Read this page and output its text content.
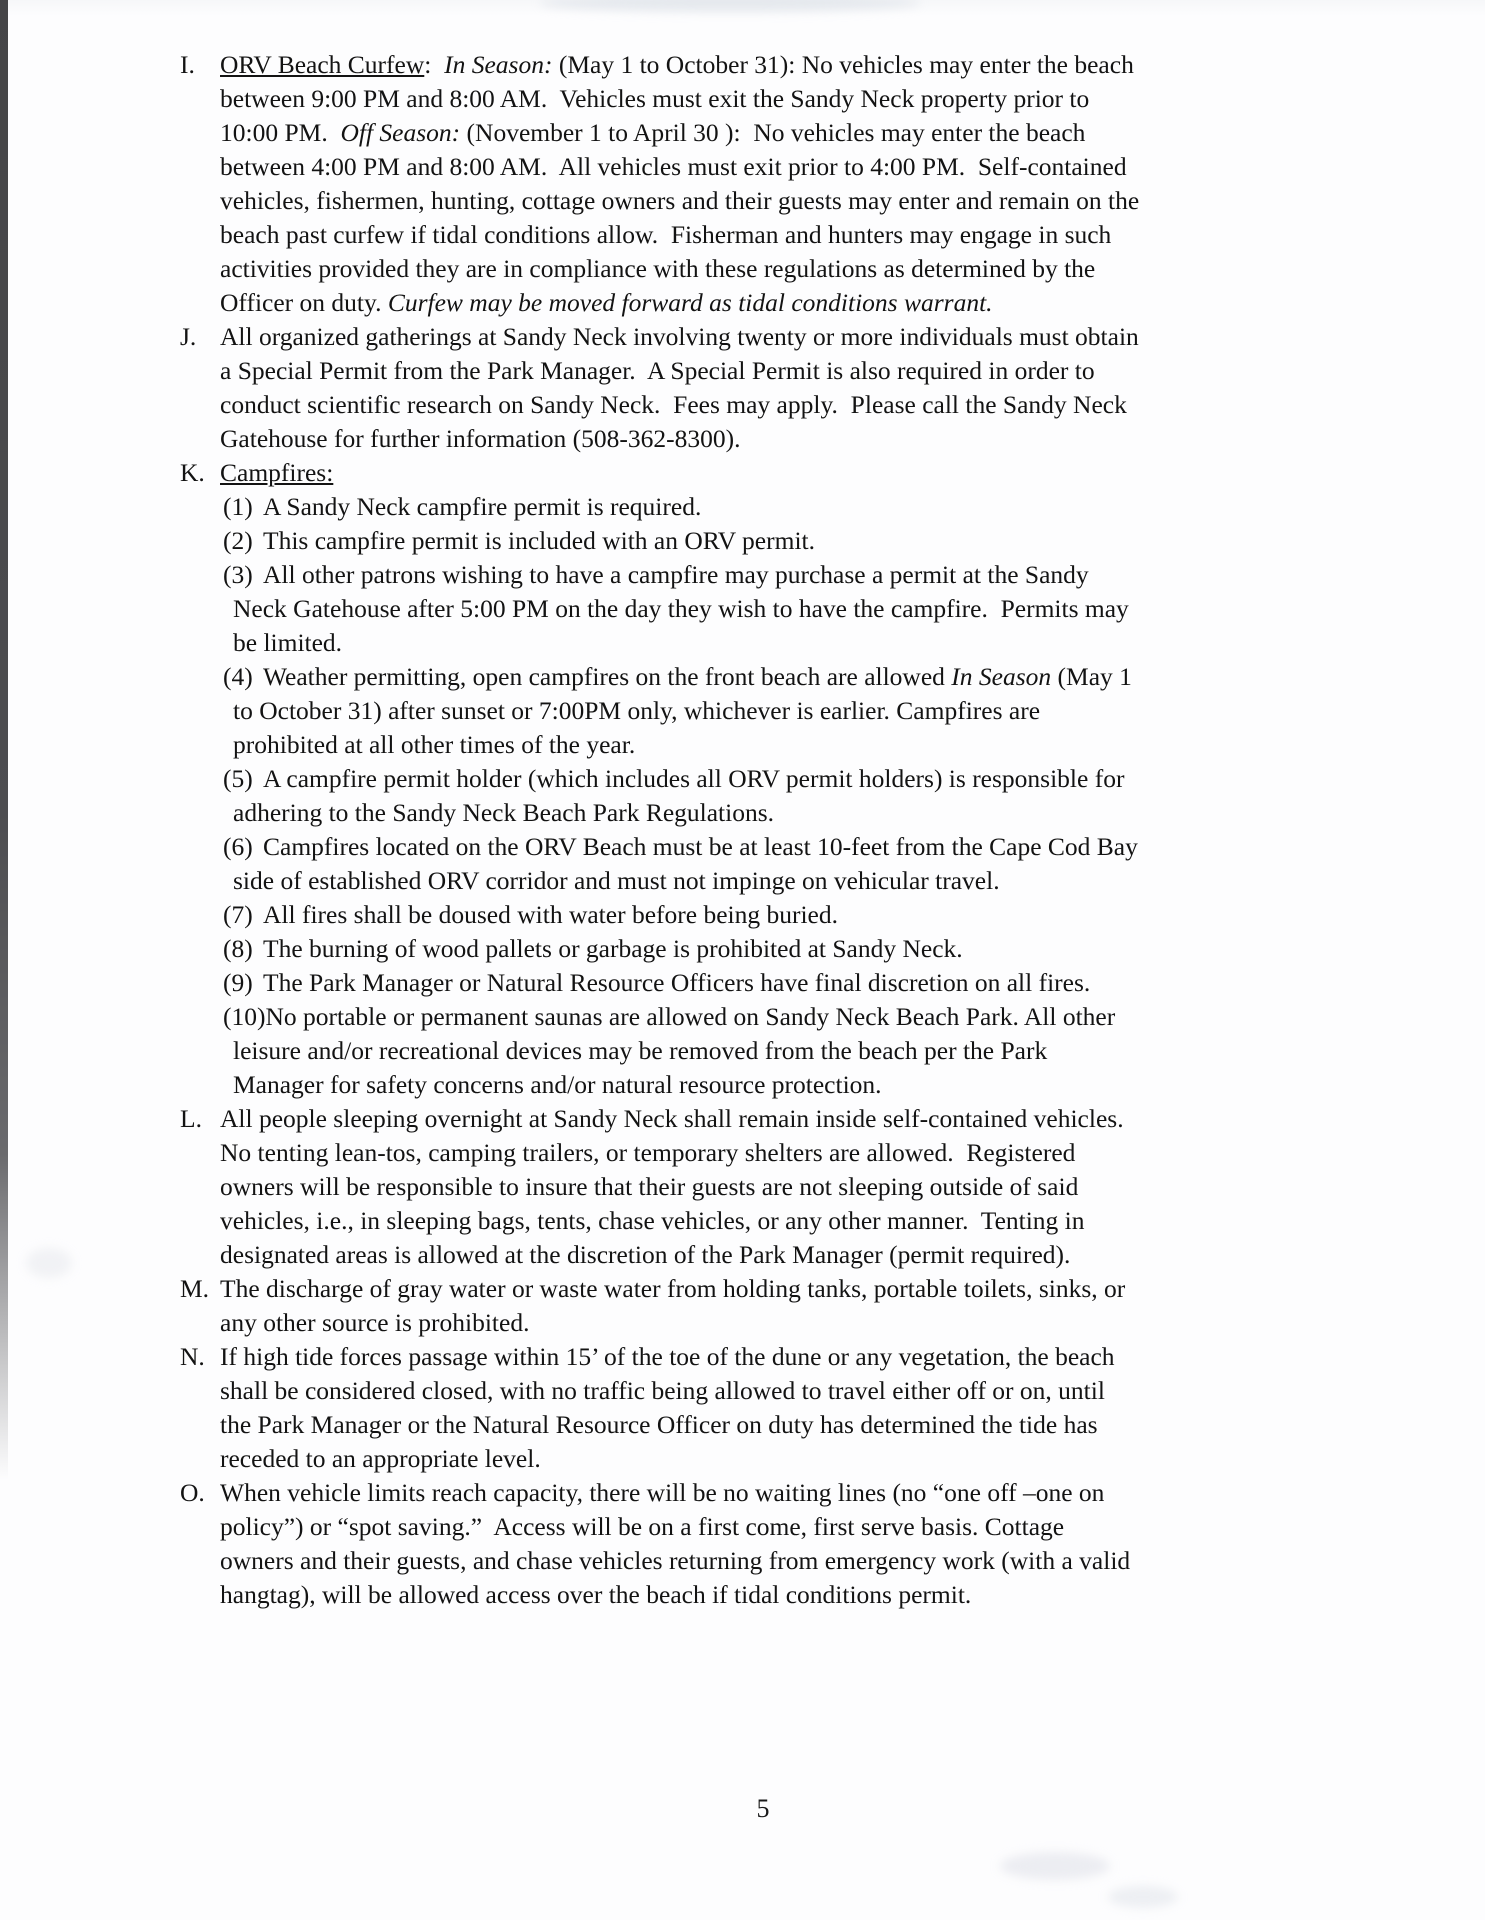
I. ORV Beach Curfew:  In Season: (May 1 to October 31): No vehicles may enter the beach between 9:00 PM and 8:00 AM.  Vehicles must exit the Sandy Neck property prior to 10:00 PM.  Off Season: (November 1 to April 30 ):  No vehicles may enter the beach between 4:00 PM and 8:00 AM.  All vehicles must exit prior to 4:00 PM.  Self-contained vehicles, fishermen, hunting, cottage owners and their guests may enter and remain on the beach past curfew if tidal conditions allow.  Fisherman and hunters may engage in such activities provided they are in compliance with these regulations as determined by the Officer on duty. Curfew may be moved forward as tidal conditions warrant.

J. All organized gatherings at Sandy Neck involving twenty or more individuals must obtain a Special Permit from the Park Manager.  A Special Permit is also required in order to conduct scientific research on Sandy Neck.  Fees may apply.  Please call the Sandy Neck Gatehouse for further information (508-362-8300).

K. Campfires:

(1) A Sandy Neck campfire permit is required.

(2) This campfire permit is included with an ORV permit.

(3) All other patrons wishing to have a campfire may purchase a permit at the Sandy Neck Gatehouse after 5:00 PM on the day they wish to have the campfire.  Permits may be limited.

(4) Weather permitting, open campfires on the front beach are allowed In Season (May 1 to October 31) after sunset or 7:00PM only, whichever is earlier. Campfires are prohibited at all other times of the year.

(5) A campfire permit holder (which includes all ORV permit holders) is responsible for adhering to the Sandy Neck Beach Park Regulations.

(6) Campfires located on the ORV Beach must be at least 10-feet from the Cape Cod Bay side of established ORV corridor and must not impinge on vehicular travel.

(7) All fires shall be doused with water before being buried.

(8) The burning of wood pallets or garbage is prohibited at Sandy Neck.

(9) The Park Manager or Natural Resource Officers have final discretion on all fires.

(10)No portable or permanent saunas are allowed on Sandy Neck Beach Park. All other leisure and/or recreational devices may be removed from the beach per the Park Manager for safety concerns and/or natural resource protection.

L. All people sleeping overnight at Sandy Neck shall remain inside self-contained vehicles. No tenting lean-tos, camping trailers, or temporary shelters are allowed.  Registered owners will be responsible to insure that their guests are not sleeping outside of said vehicles, i.e., in sleeping bags, tents, chase vehicles, or any other manner.  Tenting in designated areas is allowed at the discretion of the Park Manager (permit required).

M. The discharge of gray water or waste water from holding tanks, portable toilets, sinks, or any other source is prohibited.

N. If high tide forces passage within 15’ of the toe of the dune or any vegetation, the beach shall be considered closed, with no traffic being allowed to travel either off or on, until the Park Manager or the Natural Resource Officer on duty has determined the tide has receded to an appropriate level.

O. When vehicle limits reach capacity, there will be no waiting lines (no “one off –one on policy”) or “spot saving.”  Access will be on a first come, first serve basis. Cottage owners and their guests, and chase vehicles returning from emergency work (with a valid hangtag), will be allowed access over the beach if tidal conditions permit.

5
